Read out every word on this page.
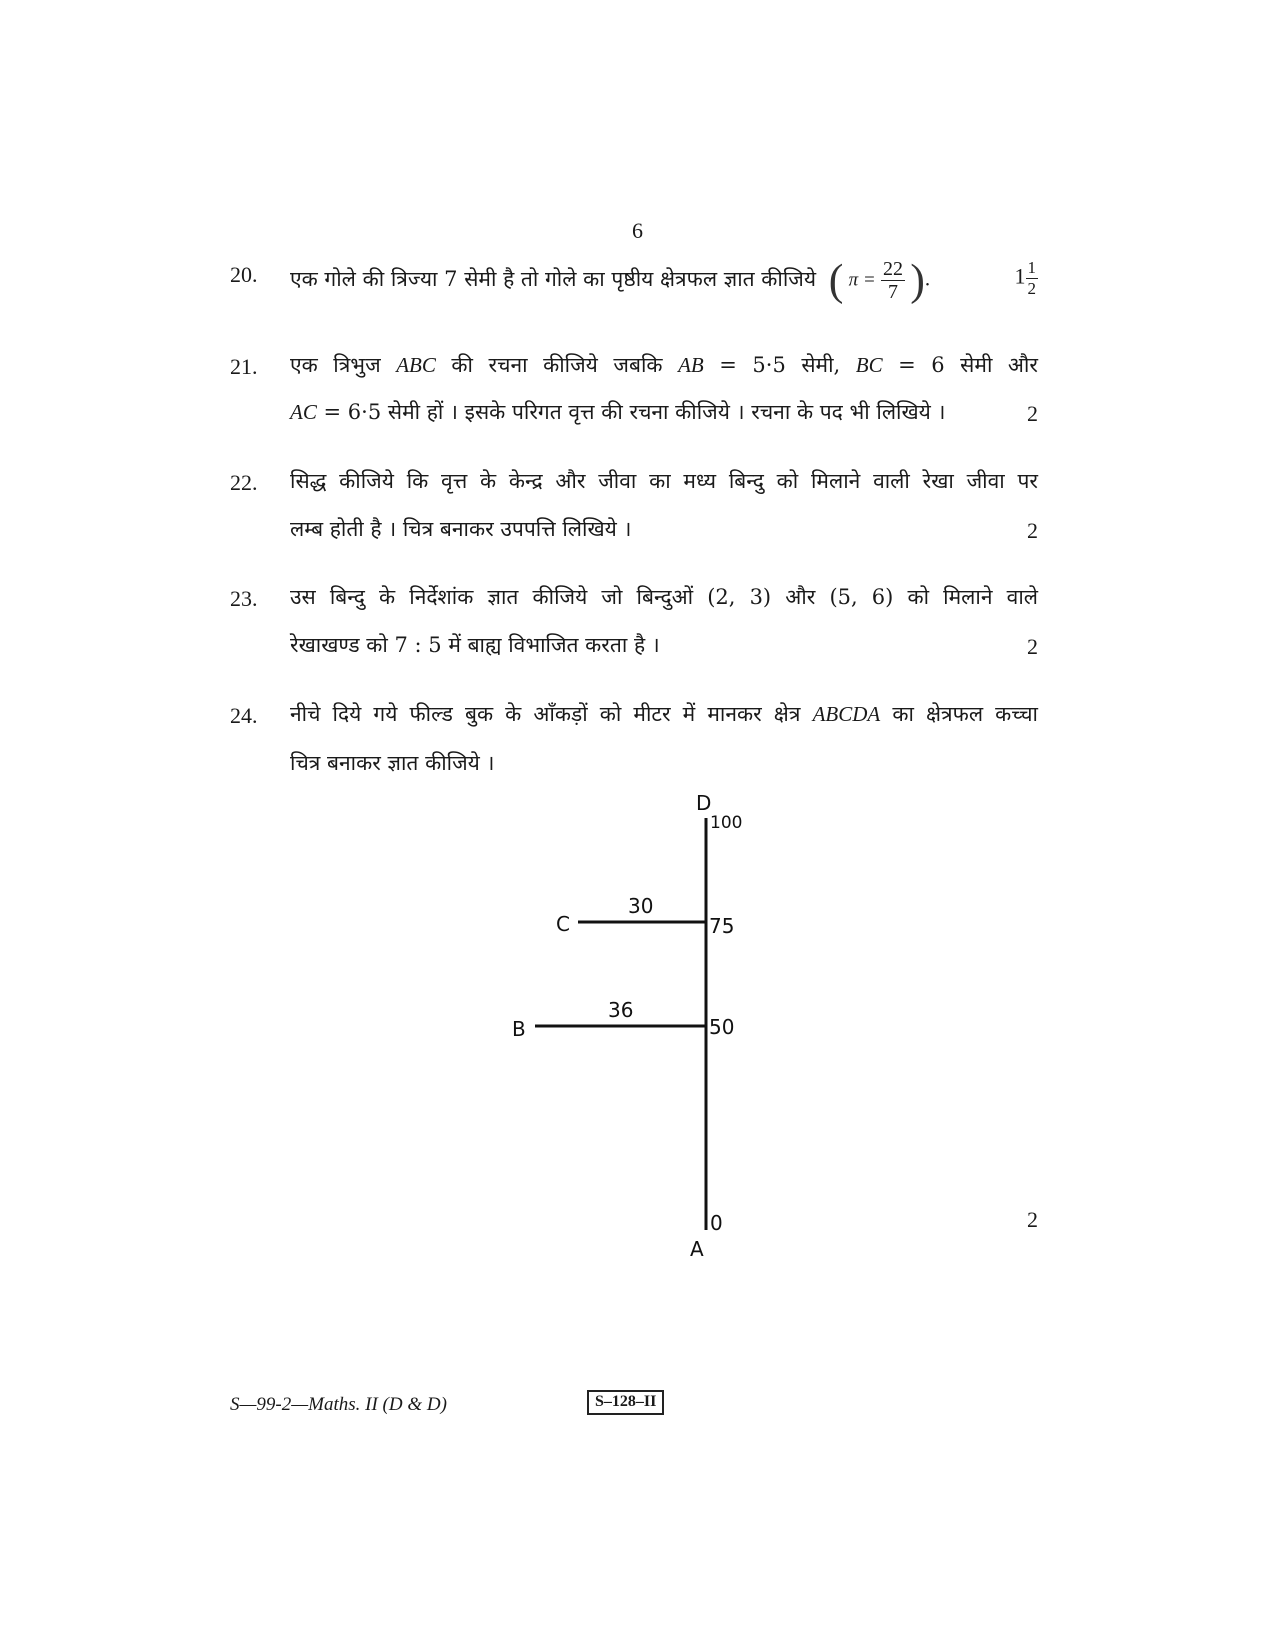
6
20. एक गोले की त्रिज्या 7 सेमी है तो गोले का पृष्ठीय क्षेत्रफल ज्ञात कीजिये ( $\pi = \frac{22}{7}$ ).	$1 \frac{1}{2}$
21. एक त्रिभुज ABC की रचना कीजिये जबकि AB = 5·5 सेमी, BC = 6 सेमी और
AC = 6·5 सेमी हों । इसके परिगत वृत्त की रचना कीजिये । रचना के पद भी लिखिये ।	2
22. सिद्ध कीजिये कि वृत्त के केन्द्र और जीवा का मध्य बिन्दु को मिलाने वाली रेखा जीवा पर
लम्ब होती है । चित्र बनाकर उपपत्ति लिखिये ।	2
23. उस बिन्दु के निर्देशांक ज्ञात कीजिये जो बिन्दुओं (2, 3) और (5, 6) को मिलाने वाले
रेखाखण्ड को 7 : 5 में बाह्य विभाजित करता है ।	2
24. नीचे दिये गये फील्ड बुक के आँकड़ों को मीटर में मानकर क्षेत्र ABCDA का क्षेत्रफल कच्चा
चित्र बनाकर ज्ञात कीजिये ।
D
100
C
30
75
B
36
50
0
A
2
S—99-2—Maths. II (D & D)	S–128–II
